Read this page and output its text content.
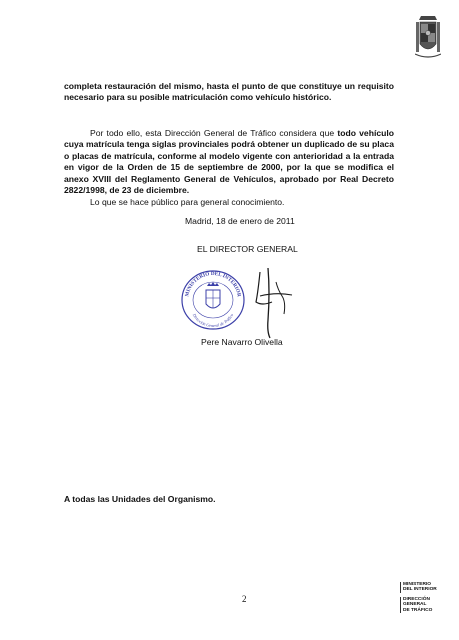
completa restauración del mismo, hasta el punto de que constituye un requisito necesario para su posible matriculación como vehículo histórico.
Por todo ello, esta Dirección General de Tráfico considera que todo vehículo cuya matrícula tenga siglas provinciales podrá obtener un duplicado de su placa o placas de matrícula, conforme al modelo vigente con anterioridad a la entrada en vigor de la Orden de 15 de septiembre de 2000, por la que se modifica el anexo XVIII del Reglamento General de Vehículos, aprobado por Real Decreto 2822/1998, de 23 de diciembre.
Lo que se hace público para general conocimiento.
Madrid, 18 de enero de 2011
EL DIRECTOR GENERAL
MINISTERIO DEL INTERIOR
Dirección General de Tráfico
Pere Navarro Olivella
A todas las Unidades del Organismo.
2
MINISTERIO
DEL INTERIOR
DIRECCIÓN
GENERAL
DE TRÁFICO
